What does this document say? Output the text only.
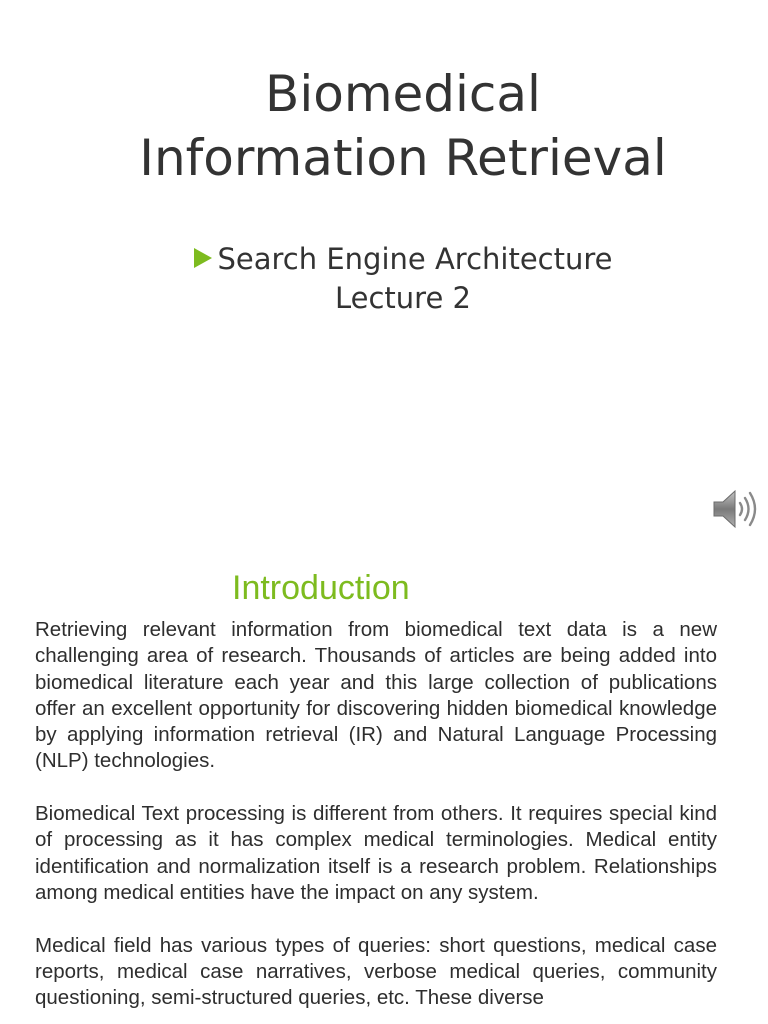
Biomedical
Information Retrieval
Search Engine Architecture
Lecture 2
Introduction

Retrieving relevant information from biomedical text data is a new challenging area of research. Thousands of articles are being added into biomedical literature each year and this large collection of publications offer an excellent opportunity for discovering hidden biomedical knowledge by applying information retrieval (IR) and Natural Language Processing (NLP) technologies.

Biomedical Text processing is different from others. It requires special kind of processing as it has complex medical terminologies. Medical entity identification and normalization itself is a research problem. Relationships among medical entities have the impact on any system.

Medical field has various types of queries: short questions, medical case reports, medical case narratives, verbose medical queries, community questioning, semi-structured queries, etc. These diverse
